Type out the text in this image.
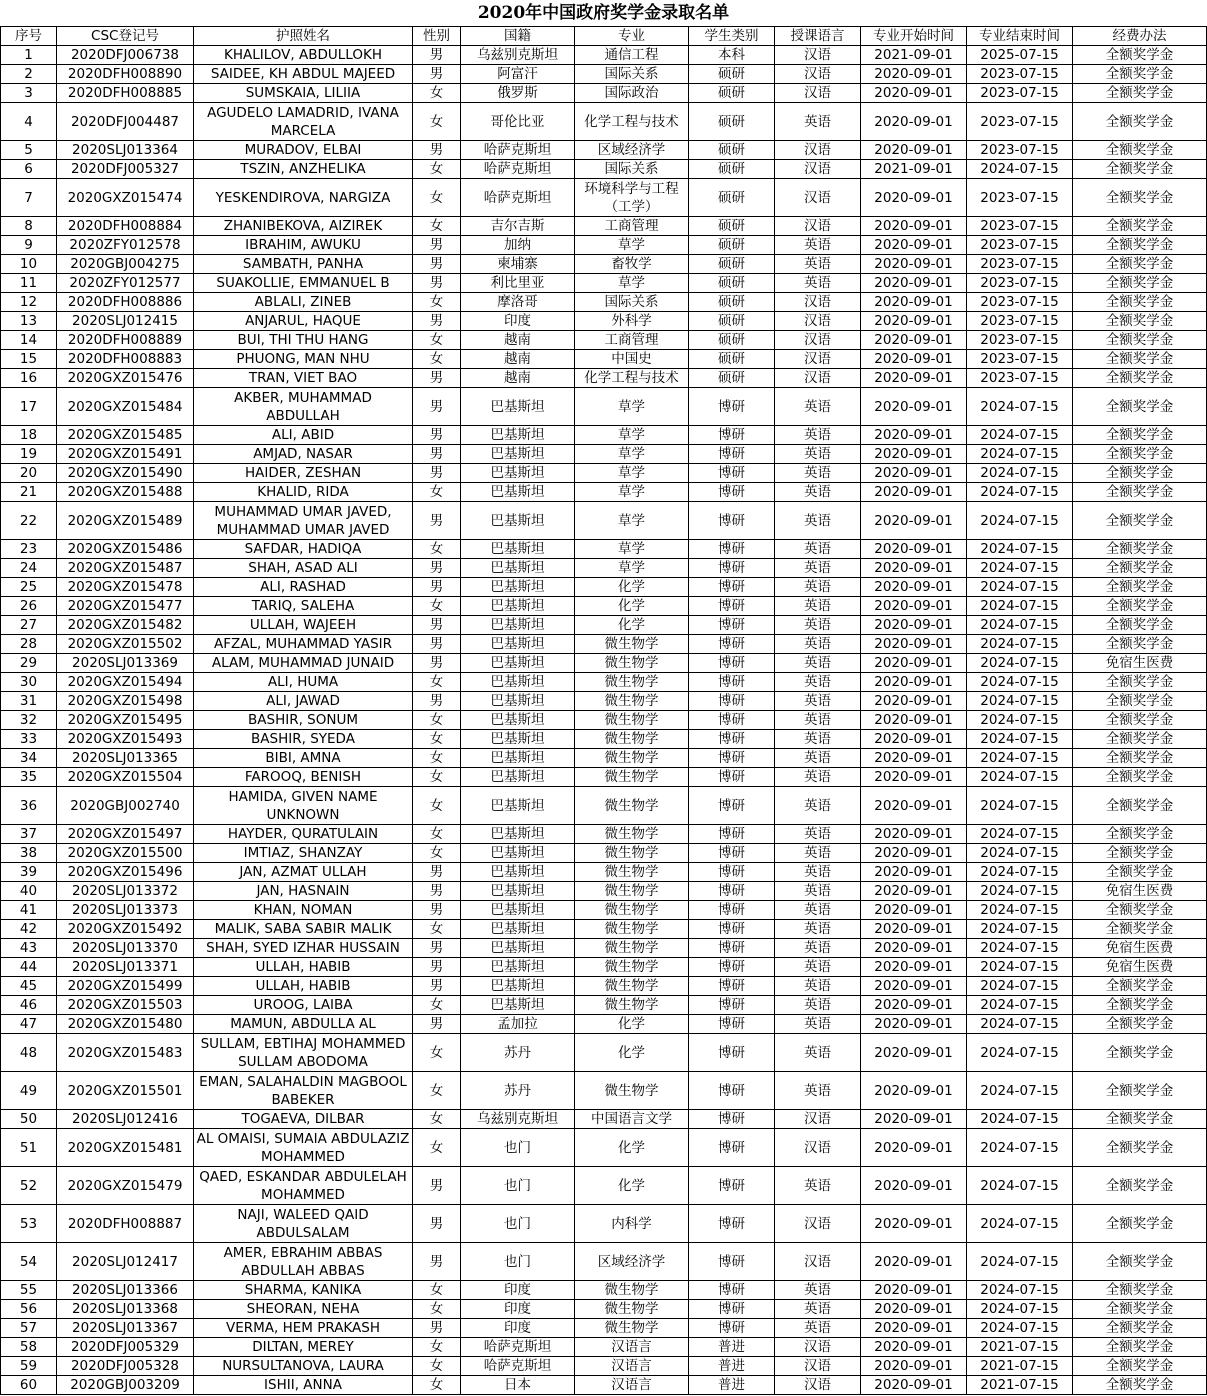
2020年中国政府奖学金录取名单
序号	CSC登记号	护照姓名	性别	国籍	专业	学生类别	授课语言	专业开始时间	专业结束时间	经费办法
1	2020DFJ006738	KHALILOV, ABDULLOKH	男	乌兹别克斯坦	通信工程	本科	汉语	2021-09-01	2025-07-15	全额奖学金
2	2020DFH008890	SAIDEE, KH ABDUL MAJEED	男	阿富汗	国际关系	硕研	汉语	2020-09-01	2023-07-15	全额奖学金
3	2020DFH008885	SUMSKAIA, LILIIA	女	俄罗斯	国际政治	硕研	汉语	2020-09-01	2023-07-15	全额奖学金
4	2020DFJ004487	AGUDELO LAMADRID, IVANA MARCELA	女	哥伦比亚	化学工程与技术	硕研	英语	2020-09-01	2023-07-15	全额奖学金
5	2020SLJ013364	MURADOV, ELBAI	男	哈萨克斯坦	区域经济学	硕研	汉语	2020-09-01	2023-07-15	全额奖学金
6	2020DFJ005327	TSZIN, ANZHELIKA	女	哈萨克斯坦	国际关系	硕研	汉语	2021-09-01	2024-07-15	全额奖学金
7	2020GXZ015474	YESKENDIROVA, NARGIZA	女	哈萨克斯坦	环境科学与工程（工学）	硕研	汉语	2020-09-01	2023-07-15	全额奖学金
8	2020DFH008884	ZHANIBEKOVA, AIZIREK	女	吉尔吉斯	工商管理	硕研	汉语	2020-09-01	2023-07-15	全额奖学金
9	2020ZFY012578	IBRAHIM, AWUKU	男	加纳	草学	硕研	英语	2020-09-01	2023-07-15	全额奖学金
10	2020GBJ004275	SAMBATH, PANHA	男	柬埔寨	畜牧学	硕研	英语	2020-09-01	2023-07-15	全额奖学金
11	2020ZFY012577	SUAKOLLIE, EMMANUEL B	男	利比里亚	草学	硕研	英语	2020-09-01	2023-07-15	全额奖学金
12	2020DFH008886	ABLALI, ZINEB	女	摩洛哥	国际关系	硕研	汉语	2020-09-01	2023-07-15	全额奖学金
13	2020SLJ012415	ANJARUL, HAQUE	男	印度	外科学	硕研	汉语	2020-09-01	2023-07-15	全额奖学金
14	2020DFH008889	BUI, THI THU HANG	女	越南	工商管理	硕研	汉语	2020-09-01	2023-07-15	全额奖学金
15	2020DFH008883	PHUONG, MAN NHU	女	越南	中国史	硕研	汉语	2020-09-01	2023-07-15	全额奖学金
16	2020GXZ015476	TRAN, VIET BAO	男	越南	化学工程与技术	硕研	汉语	2020-09-01	2023-07-15	全额奖学金
17	2020GXZ015484	AKBER, MUHAMMAD ABDULLAH	男	巴基斯坦	草学	博研	英语	2020-09-01	2024-07-15	全额奖学金
18	2020GXZ015485	ALI, ABID	男	巴基斯坦	草学	博研	英语	2020-09-01	2024-07-15	全额奖学金
19	2020GXZ015491	AMJAD, NASAR	男	巴基斯坦	草学	博研	英语	2020-09-01	2024-07-15	全额奖学金
20	2020GXZ015490	HAIDER, ZESHAN	男	巴基斯坦	草学	博研	英语	2020-09-01	2024-07-15	全额奖学金
21	2020GXZ015488	KHALID, RIDA	女	巴基斯坦	草学	博研	英语	2020-09-01	2024-07-15	全额奖学金
22	2020GXZ015489	MUHAMMAD UMAR JAVED, MUHAMMAD UMAR JAVED	男	巴基斯坦	草学	博研	英语	2020-09-01	2024-07-15	全额奖学金
23	2020GXZ015486	SAFDAR, HADIQA	女	巴基斯坦	草学	博研	英语	2020-09-01	2024-07-15	全额奖学金
24	2020GXZ015487	SHAH, ASAD ALI	男	巴基斯坦	草学	博研	英语	2020-09-01	2024-07-15	全额奖学金
25	2020GXZ015478	ALI, RASHAD	男	巴基斯坦	化学	博研	英语	2020-09-01	2024-07-15	全额奖学金
26	2020GXZ015477	TARIQ, SALEHA	女	巴基斯坦	化学	博研	英语	2020-09-01	2024-07-15	全额奖学金
27	2020GXZ015482	ULLAH, WAJEEH	男	巴基斯坦	化学	博研	英语	2020-09-01	2024-07-15	全额奖学金
28	2020GXZ015502	AFZAL, MUHAMMAD YASIR	男	巴基斯坦	微生物学	博研	英语	2020-09-01	2024-07-15	全额奖学金
29	2020SLJ013369	ALAM, MUHAMMAD JUNAID	男	巴基斯坦	微生物学	博研	英语	2020-09-01	2024-07-15	免宿生医费
30	2020GXZ015494	ALI, HUMA	女	巴基斯坦	微生物学	博研	英语	2020-09-01	2024-07-15	全额奖学金
31	2020GXZ015498	ALI, JAWAD	男	巴基斯坦	微生物学	博研	英语	2020-09-01	2024-07-15	全额奖学金
32	2020GXZ015495	BASHIR, SONUM	女	巴基斯坦	微生物学	博研	英语	2020-09-01	2024-07-15	全额奖学金
33	2020GXZ015493	BASHIR, SYEDA	女	巴基斯坦	微生物学	博研	英语	2020-09-01	2024-07-15	全额奖学金
34	2020SLJ013365	BIBI, AMNA	女	巴基斯坦	微生物学	博研	英语	2020-09-01	2024-07-15	全额奖学金
35	2020GXZ015504	FAROOQ, BENISH	女	巴基斯坦	微生物学	博研	英语	2020-09-01	2024-07-15	全额奖学金
36	2020GBJ002740	HAMIDA, GIVEN NAME UNKNOWN	女	巴基斯坦	微生物学	博研	英语	2020-09-01	2024-07-15	全额奖学金
37	2020GXZ015497	HAYDER, QURATULAIN	女	巴基斯坦	微生物学	博研	英语	2020-09-01	2024-07-15	全额奖学金
38	2020GXZ015500	IMTIAZ, SHANZAY	女	巴基斯坦	微生物学	博研	英语	2020-09-01	2024-07-15	全额奖学金
39	2020GXZ015496	JAN, AZMAT ULLAH	男	巴基斯坦	微生物学	博研	英语	2020-09-01	2024-07-15	全额奖学金
40	2020SLJ013372	JAN, HASNAIN	男	巴基斯坦	微生物学	博研	英语	2020-09-01	2024-07-15	免宿生医费
41	2020SLJ013373	KHAN, NOMAN	男	巴基斯坦	微生物学	博研	英语	2020-09-01	2024-07-15	全额奖学金
42	2020GXZ015492	MALIK, SABA SABIR MALIK	女	巴基斯坦	微生物学	博研	英语	2020-09-01	2024-07-15	全额奖学金
43	2020SLJ013370	SHAH, SYED IZHAR HUSSAIN	男	巴基斯坦	微生物学	博研	英语	2020-09-01	2024-07-15	免宿生医费
44	2020SLJ013371	ULLAH, HABIB	男	巴基斯坦	微生物学	博研	英语	2020-09-01	2024-07-15	免宿生医费
45	2020GXZ015499	ULLAH, HABIB	男	巴基斯坦	微生物学	博研	英语	2020-09-01	2024-07-15	全额奖学金
46	2020GXZ015503	UROOG, LAIBA	女	巴基斯坦	微生物学	博研	英语	2020-09-01	2024-07-15	全额奖学金
47	2020GXZ015480	MAMUN, ABDULLA AL	男	孟加拉	化学	博研	英语	2020-09-01	2024-07-15	全额奖学金
48	2020GXZ015483	SULLAM, EBTIHAJ MOHAMMED SULLAM ABODOMA	女	苏丹	化学	博研	英语	2020-09-01	2024-07-15	全额奖学金
49	2020GXZ015501	EMAN, SALAHALDIN MAGBOOL BABEKER	女	苏丹	微生物学	博研	英语	2020-09-01	2024-07-15	全额奖学金
50	2020SLJ012416	TOGAEVA, DILBAR	女	乌兹别克斯坦	中国语言文学	博研	汉语	2020-09-01	2024-07-15	全额奖学金
51	2020GXZ015481	AL OMAISI, SUMAIA ABDULAZIZ MOHAMMED	女	也门	化学	博研	汉语	2020-09-01	2024-07-15	全额奖学金
52	2020GXZ015479	QAED, ESKANDAR ABDULELAH MOHAMMED	男	也门	化学	博研	英语	2020-09-01	2024-07-15	全额奖学金
53	2020DFH008887	NAJI, WALEED QAID ABDULSALAM	男	也门	内科学	博研	汉语	2020-09-01	2024-07-15	全额奖学金
54	2020SLJ012417	AMER, EBRAHIM ABBAS ABDULLAH ABBAS	男	也门	区域经济学	博研	汉语	2020-09-01	2024-07-15	全额奖学金
55	2020SLJ013366	SHARMA, KANIKA	女	印度	微生物学	博研	英语	2020-09-01	2024-07-15	全额奖学金
56	2020SLJ013368	SHEORAN, NEHA	女	印度	微生物学	博研	英语	2020-09-01	2024-07-15	全额奖学金
57	2020SLJ013367	VERMA, HEM PRAKASH	男	印度	微生物学	博研	英语	2020-09-01	2024-07-15	全额奖学金
58	2020DFJ005329	DILTAN, MEREY	女	哈萨克斯坦	汉语言	普进	汉语	2020-09-01	2021-07-15	全额奖学金
59	2020DFJ005328	NURSULTANOVA, LAURA	女	哈萨克斯坦	汉语言	普进	汉语	2020-09-01	2021-07-15	全额奖学金
60	2020GBJ003209	ISHII, ANNA	女	日本	汉语言	普进	汉语	2020-09-01	2021-07-15	全额奖学金
